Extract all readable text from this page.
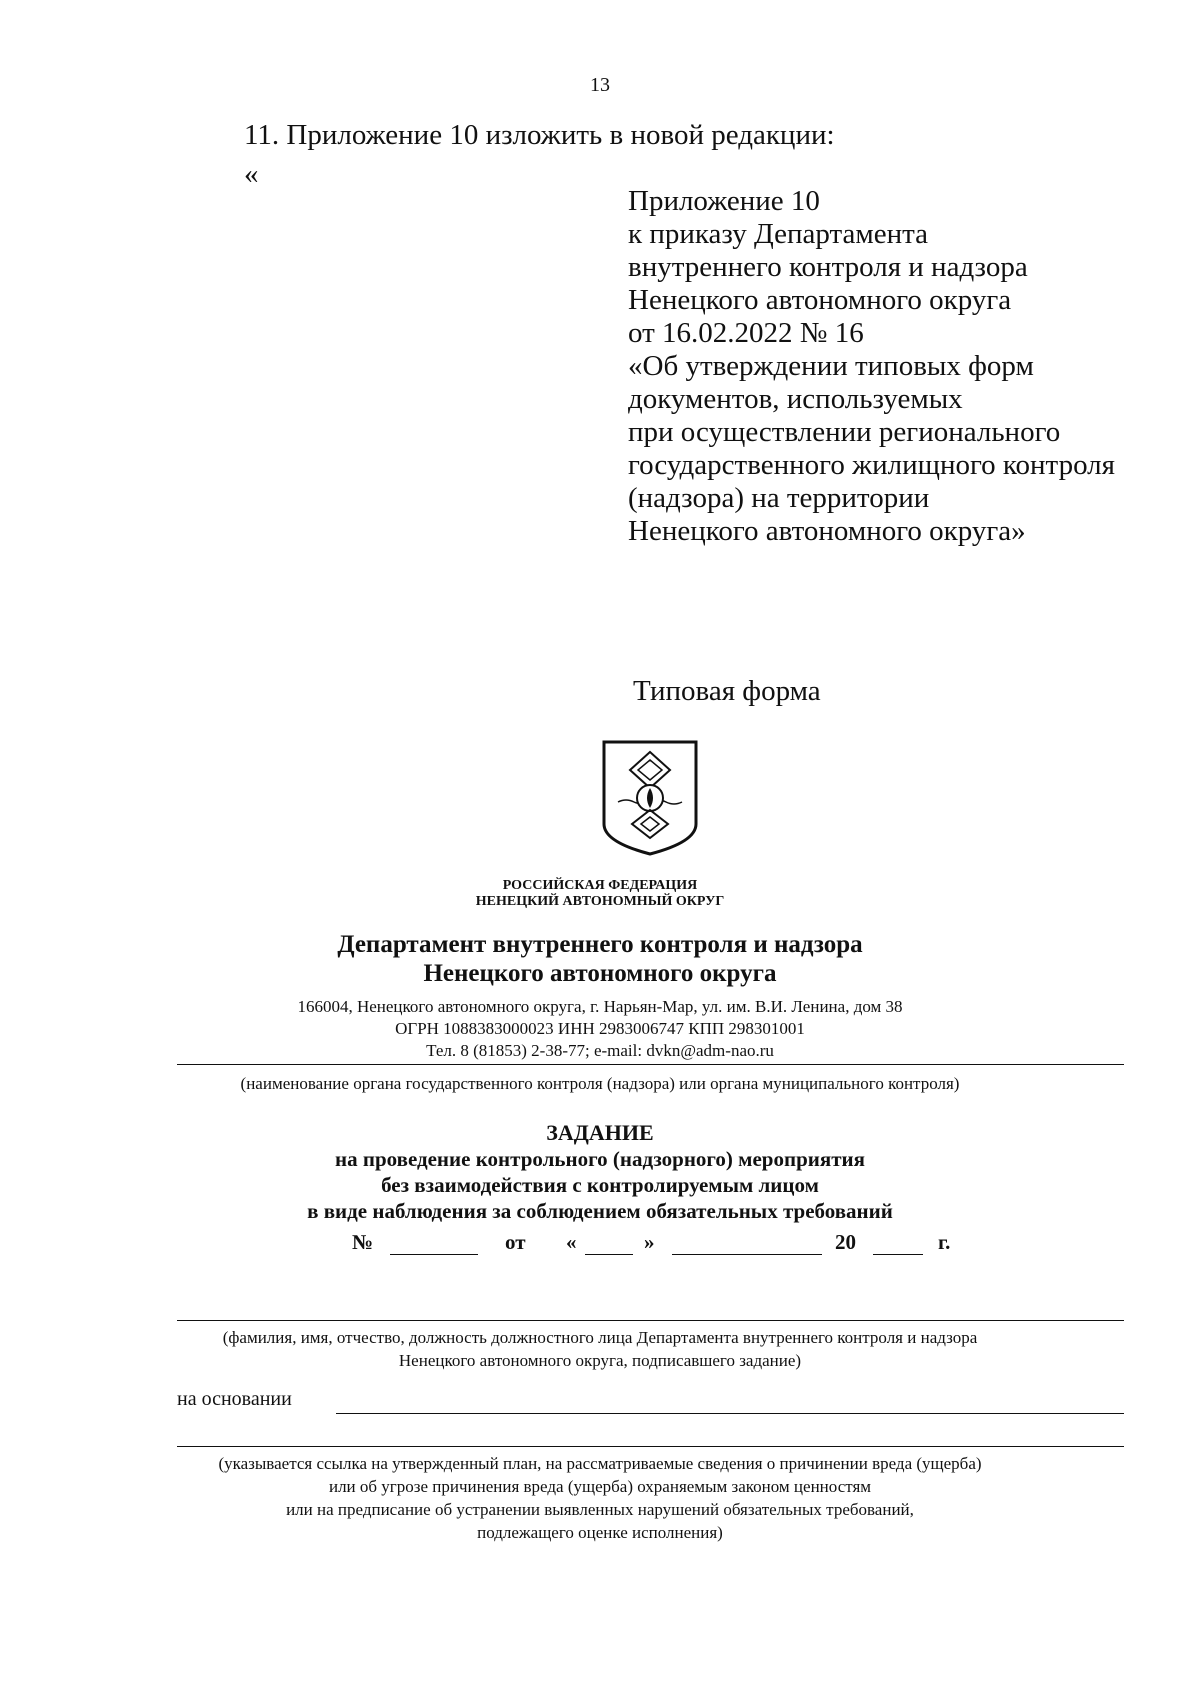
13
11. Приложение 10 изложить в новой редакции:
«
Приложение 10
к приказу Департамента
внутреннего контроля и надзора
Ненецкого автономного округа
от 16.02.2022 № 16
«Об утверждении типовых форм
документов, используемых
при осуществлении регионального
государственного жилищного контроля
(надзора) на территории
Ненецкого автономного округа»
Типовая форма
РОССИЙСКАЯ ФЕДЕРАЦИЯ
НЕНЕЦКИЙ АВТОНОМНЫЙ ОКРУГ
Департамент внутреннего контроля и надзора
Ненецкого автономного округа
166004, Ненецкого автономного округа, г. Нарьян-Мар, ул. им. В.И. Ленина, дом 38
ОГРН 1088383000023 ИНН 2983006747 КПП 298301001
Тел. 8 (81853) 2-38-77; e-mail: dvkn@adm-nao.ru
(наименование органа государственного контроля (надзора) или органа муниципального контроля)
ЗАДАНИЕ
на проведение контрольного (надзорного) мероприятия
без взаимодействия с контролируемым лицом
в виде наблюдения за соблюдением обязательных требований
№	от «	»	20	г.
(фамилия, имя, отчество, должность должностного лица Департамента внутреннего контроля и надзора
Ненецкого автономного округа, подписавшего задание)
на основании
(указывается ссылка на утвержденный план, на рассматриваемые сведения о причинении вреда (ущерба)
или об угрозе причинения вреда (ущерба) охраняемым законом ценностям
или на предписание об устранении выявленных нарушений обязательных требований,
подлежащего оценке исполнения)
